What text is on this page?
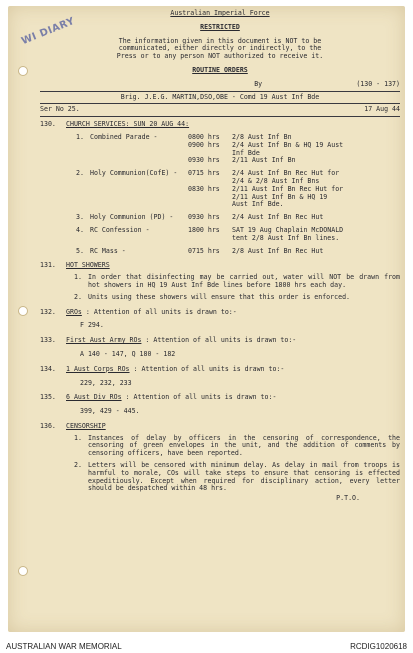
WI DIARY
Australian Imperial Force
RESTRICTED
The information given in this document is NOT to be
communicated, either directly or indirectly, to the
Press or to any person NOT authorized to receive it.
ROUTINE ORDERS
By	(130 - 137)
Brig. J.E.G. MARTIN,DSO,OBE - Comd 19 Aust Inf Bde
Ser No 25.	17 Aug 44
130.	CHURCH SERVICES: SUN 20 AUG 44:
1. Combined Parade -	0800 hrs	2/8 Aust Inf Bn
0900 hrs	2/4 Aust Inf Bn & HQ 19 Aust
Inf Bde
0930 hrs	2/11 Aust Inf Bn
2. Holy Communion(CofE) -	0715 hrs	2/4 Aust Inf Bn Rec Hut for
2/4 & 2/8 Aust Inf Bns
0830 hrs	2/11 Aust Inf Bn Rec Hut for
2/11 Aust Inf Bn & HQ 19
Aust Inf Bde.
3. Holy Communion (PD) -	0930 hrs	2/4 Aust Inf Bn Rec Hut
4. RC Confession -	1800 hrs	SAT 19 Aug Chaplain McDONALD
tent 2/8 Aust Inf Bn lines.
5. RC Mass -	0715 hrs	2/8 Aust Inf Bn Rec Hut
131.	HOT SHOWERS
1. In order that disinfecting may be carried out, water will NOT be drawn from hot showers in HQ 19 Aust Inf Bde lines before 1800 hrs each day.
2. Units using these showers will ensure that this order is enforced.
132.	GROs : Attention of all units is drawn to:-
F 294.
133.	First Aust Army ROs : Attention of all units is drawn to:-
A 140 - 147, Q 180 - 182
134.	1 Aust Corps ROs : Attention of all units is drawn to:-
229, 232, 233
135.	6 Aust Div ROs : Attention of all units is drawn to:-
399, 429 - 445.
136.	CENSORSHIP
1. Instances of delay by officers in the censoring of correspondence, the censoring of green envelopes in the unit, and the addition of comments by censoring officers, have been reported.
2. Letters will be censored with minimum delay. As delay in mail from troops is harmful to morale, COs will take steps to ensure that censoring is effected expeditiously. Except when required for disciplinary action, every letter should be despatched within 48 hrs.
P.T.O.
AUSTRALIAN WAR MEMORIAL	RCDIG1020618
